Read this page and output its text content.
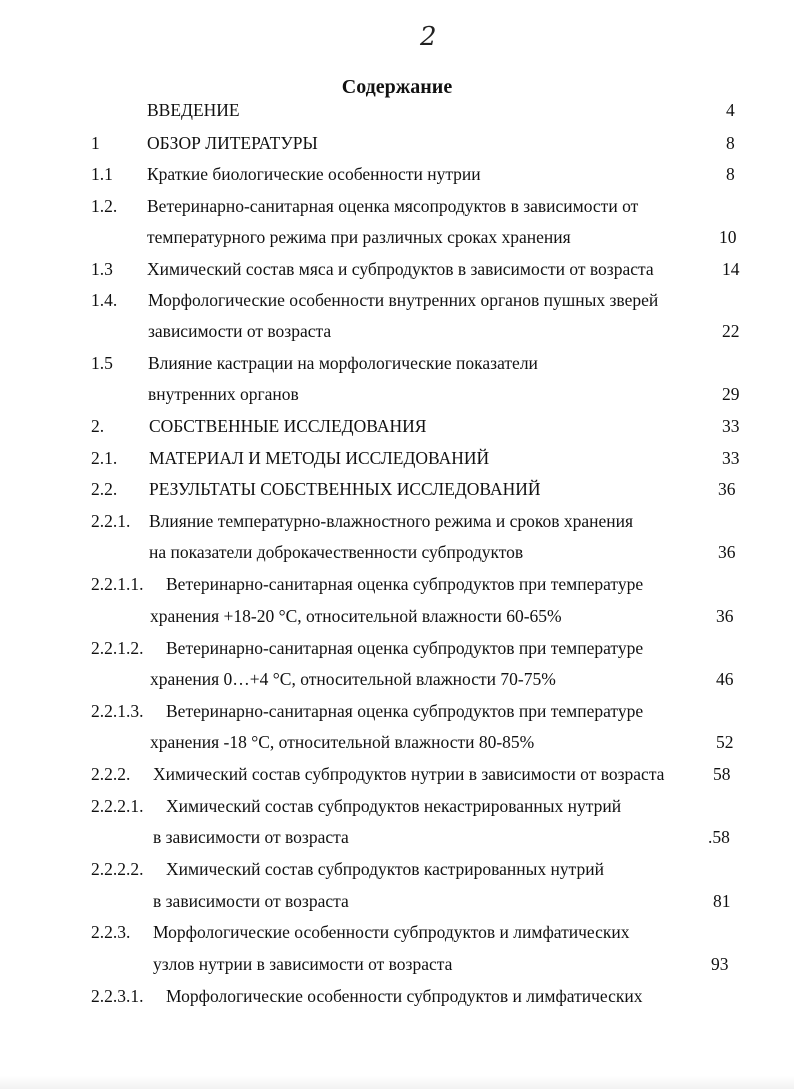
2
Содержание
ВВЕДЕНИЕ	4
1	ОБЗОР ЛИТЕРАТУРЫ	8
1.1 Краткие биологические особенности нутрии	8
1.2. Ветеринарно-санитарная оценка мясопродуктов в зависимости от
температурного режима при различных сроках хранения	10
1.3 Химический состав мяса и субпродуктов в зависимости от возраста	14
1.4. Морфологические особенности внутренних органов пушных зверей
зависимости от возраста	22
1.5 Влияние кастрации на морфологические показатели
внутренних органов	29
2.	СОБСТВЕННЫЕ ИССЛЕДОВАНИЯ	33
2.1. МАТЕРИАЛ И МЕТОДЫ ИССЛЕДОВАНИЙ	33
2.2. РЕЗУЛЬТАТЫ СОБСТВЕННЫХ ИССЛЕДОВАНИЙ	36
2.2.1. Влияние температурно-влажностного режима и сроков хранения
на показатели доброкачественности субпродуктов	36
2.2.1.1. Ветеринарно-санитарная оценка субпродуктов при температуре
хранения +18-20 °С, относительной влажности 60-65%	36
2.2.1.2. Ветеринарно-санитарная оценка субпродуктов при температуре
хранения 0…+4 °С, относительной влажности 70-75%	46
2.2.1.3. Ветеринарно-санитарная оценка субпродуктов при температуре
хранения -18 °С, относительной влажности 80-85%	52
2.2.2. Химический состав субпродуктов нутрии в зависимости от возраста	58
2.2.2.1. Химический состав субпродуктов некастрированных нутрий
в зависимости от возраста	.58
2.2.2.2. Химический состав субпродуктов кастрированных нутрий
в зависимости от возраста	81
2.2.3. Морфологические особенности субпродуктов и лимфатических
узлов нутрии в зависимости от возраста	93
2.2.3.1. Морфологические особенности субпродуктов и лимфатических
